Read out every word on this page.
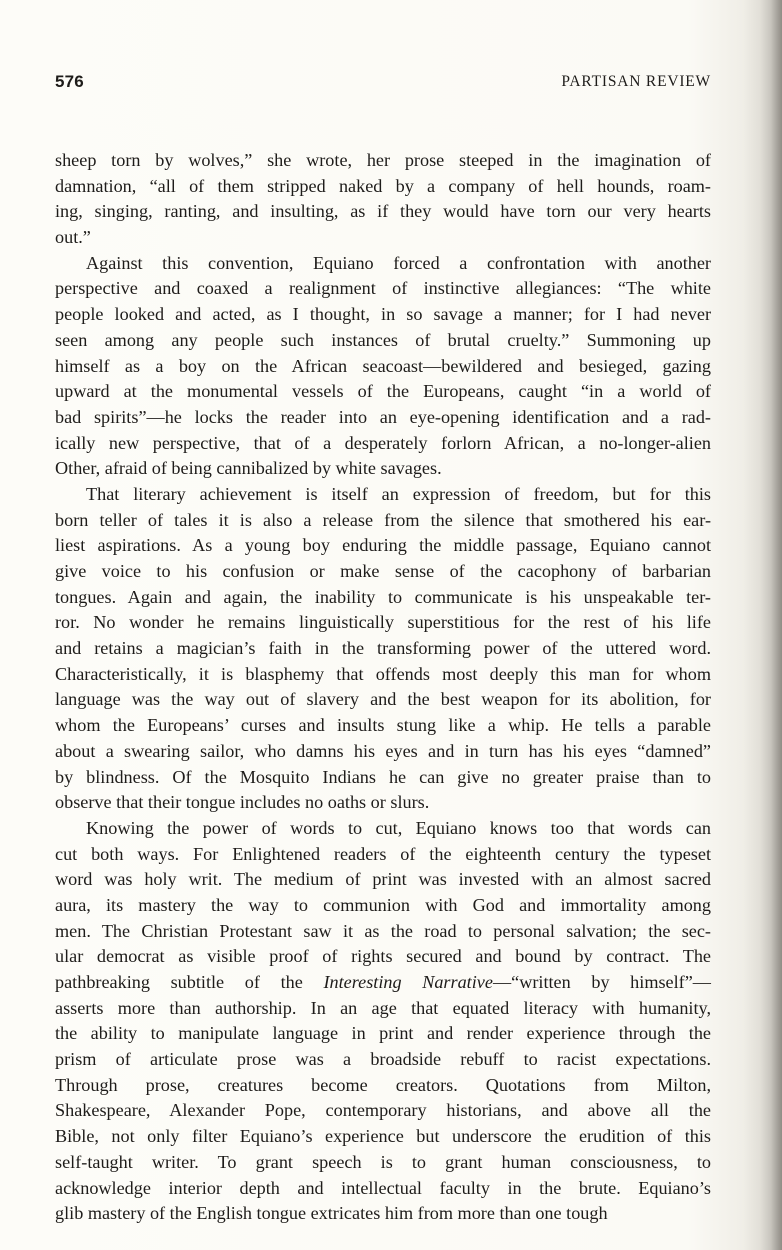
576	PARTISAN REVIEW
sheep torn by wolves,” she wrote, her prose steeped in the imagination of
damnation, “all of them stripped naked by a company of hell hounds, roam-
ing, singing, ranting, and insulting, as if they would have torn our very hearts
out.”
Against this convention, Equiano forced a confrontation with another
perspective and coaxed a realignment of instinctive allegiances: “The white
people looked and acted, as I thought, in so savage a manner; for I had never
seen among any people such instances of brutal cruelty.” Summoning up
himself as a boy on the African seacoast—bewildered and besieged, gazing
upward at the monumental vessels of the Europeans, caught “in a world of
bad spirits”—he locks the reader into an eye-opening identification and a rad-
ically new perspective, that of a desperately forlorn African, a no-longer-alien
Other, afraid of being cannibalized by white savages.
That literary achievement is itself an expression of freedom, but for this
born teller of tales it is also a release from the silence that smothered his ear-
liest aspirations. As a young boy enduring the middle passage, Equiano cannot
give voice to his confusion or make sense of the cacophony of barbarian
tongues. Again and again, the inability to communicate is his unspeakable ter-
ror. No wonder he remains linguistically superstitious for the rest of his life
and retains a magician’s faith in the transforming power of the uttered word.
Characteristically, it is blasphemy that offends most deeply this man for whom
language was the way out of slavery and the best weapon for its abolition, for
whom the Europeans’ curses and insults stung like a whip. He tells a parable
about a swearing sailor, who damns his eyes and in turn has his eyes “damned”
by blindness. Of the Mosquito Indians he can give no greater praise than to
observe that their tongue includes no oaths or slurs.
Knowing the power of words to cut, Equiano knows too that words can
cut both ways. For Enlightened readers of the eighteenth century the typeset
word was holy writ. The medium of print was invested with an almost sacred
aura, its mastery the way to communion with God and immortality among
men. The Christian Protestant saw it as the road to personal salvation; the sec-
ular democrat as visible proof of rights secured and bound by contract. The
pathbreaking subtitle of the Interesting Narrative—“written by himself”—
asserts more than authorship. In an age that equated literacy with humanity,
the ability to manipulate language in print and render experience through the
prism of articulate prose was a broadside rebuff to racist expectations.
Through prose, creatures become creators. Quotations from Milton,
Shakespeare, Alexander Pope, contemporary historians, and above all the
Bible, not only filter Equiano’s experience but underscore the erudition of this
self-taught writer. To grant speech is to grant human consciousness, to
acknowledge interior depth and intellectual faculty in the brute. Equiano’s
glib mastery of the English tongue extricates him from more than one tough
